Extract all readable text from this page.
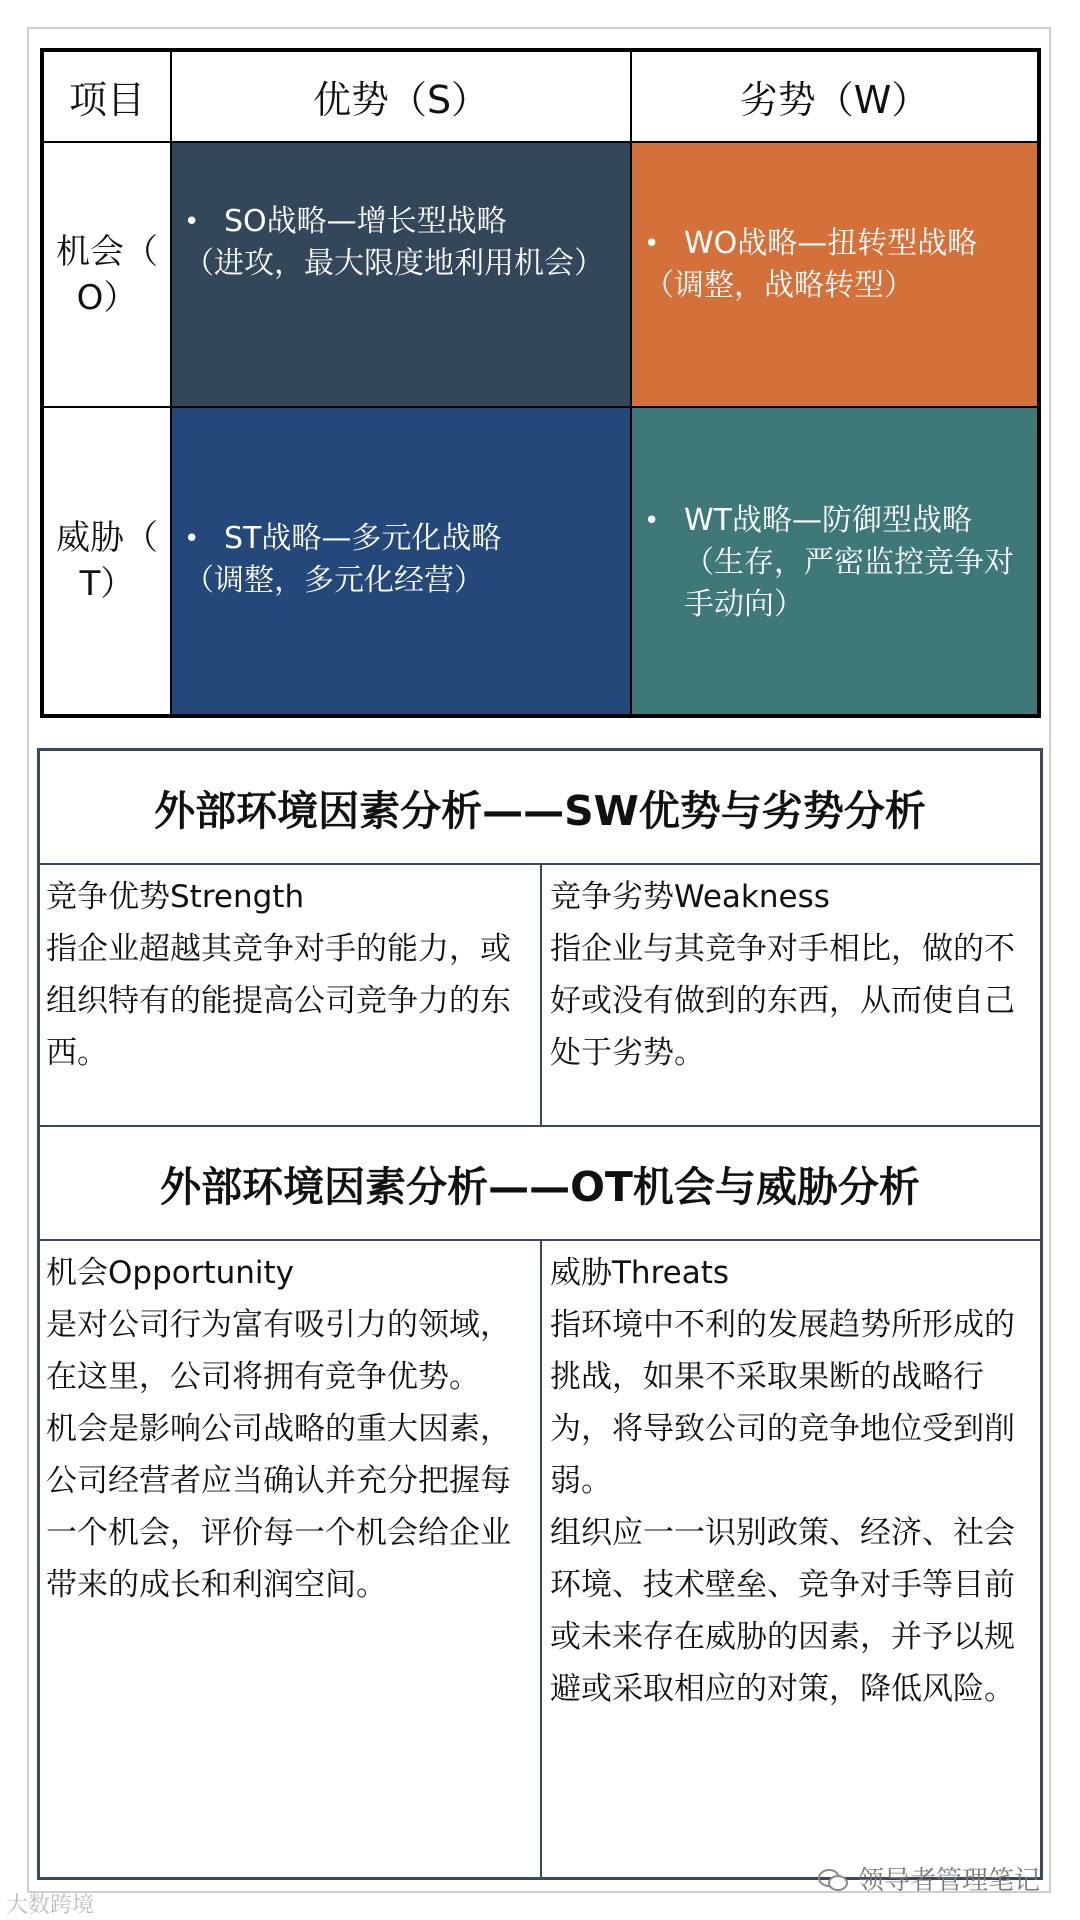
项目	优势（S）	劣势（W）
机会（
O）
• SO战略—增长型战略
（进攻，最大限度地利用机会）
• WO战略—扭转型战略
（调整，战略转型）
威胁（
T）
• ST战略—多元化战略
（调整，多元化经营）
• WT战略—防御型战略
（生存，严密监控竞争对手动向）
外部环境因素分析——SW优势与劣势分析
竞争优势Strength

指企业超越其竞争对手的能力，或组织特有的能提高公司竞争力的东西。

竞争劣势Weakness

指企业与其竞争对手相比，做的不好或没有做到的东西，从而使自己处于劣势。

外部环境因素分析——OT机会与威胁分析
机会Opportunity

是对公司行为富有吸引力的领域，在这里，公司将拥有竞争优势。

机会是影响公司战略的重大因素，公司经营者应当确认并充分把握每一个机会，评价每一个机会给企业带来的成长和利润空间。

威胁Threats

指环境中不利的发展趋势所形成的挑战，如果不采取果断的战略行为，将导致公司的竞争地位受到削弱。

组织应一一识别政策、经济、社会环境、技术壁垒、竞争对手等目前或未来存在威胁的因素，并予以规避或采取相应的对策，降低风险。

大数跨境
领导者管理笔记
